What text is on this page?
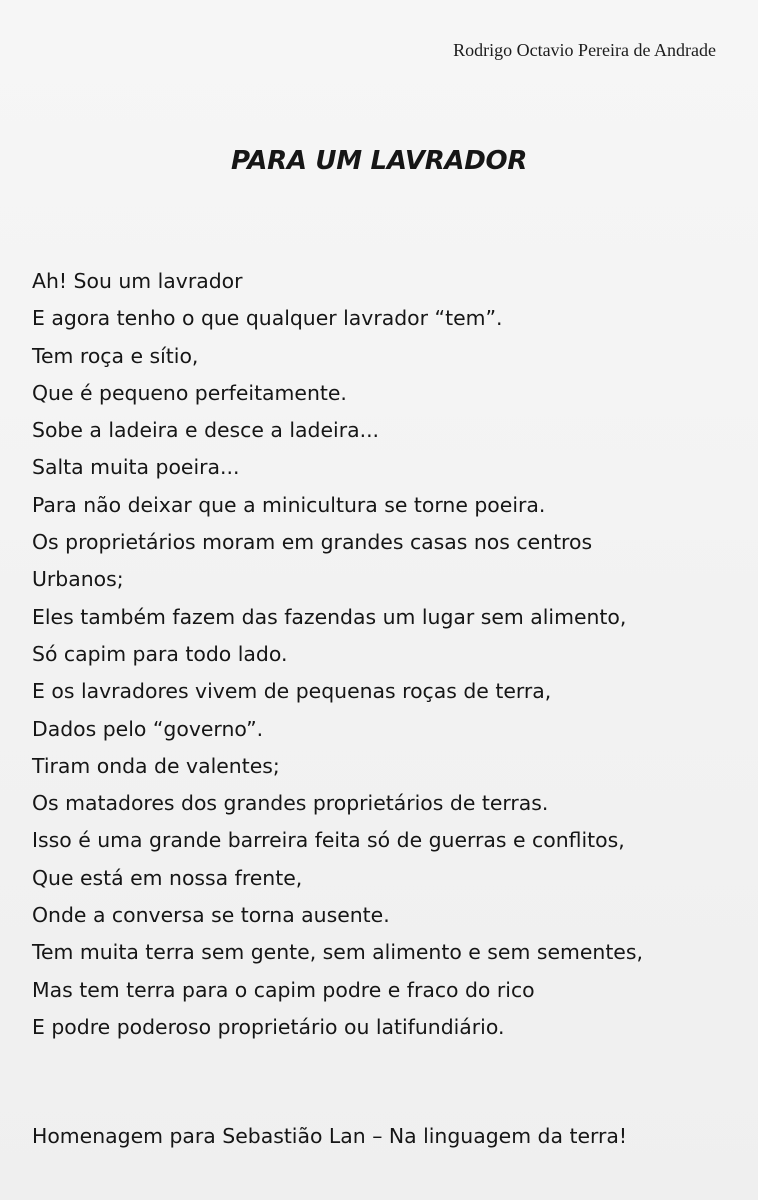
Rodrigo Octavio Pereira de Andrade
PARA UM LAVRADOR
Ah! Sou um lavrador
E agora tenho o que qualquer lavrador “tem”.
Tem roça e sítio,
Que é pequeno perfeitamente.
Sobe a ladeira e desce a ladeira...
Salta muita poeira...
Para não deixar que a minicultura se torne poeira.
Os proprietários moram em grandes casas nos centros
Urbanos;
Eles também fazem das fazendas um lugar sem alimento,
Só capim para todo lado.
E os lavradores vivem de pequenas roças de terra,
Dados pelo “governo”.
Tiram onda de valentes;
Os matadores dos grandes proprietários de terras.
Isso é uma grande barreira feita só de guerras e conflitos,
Que está em nossa frente,
Onde a conversa se torna ausente.
Tem muita terra sem gente, sem alimento e sem sementes,
Mas tem terra para o capim podre e fraco do rico
E podre poderoso proprietário ou latifundiário.
Homenagem para Sebastião Lan – Na linguagem da terra!
